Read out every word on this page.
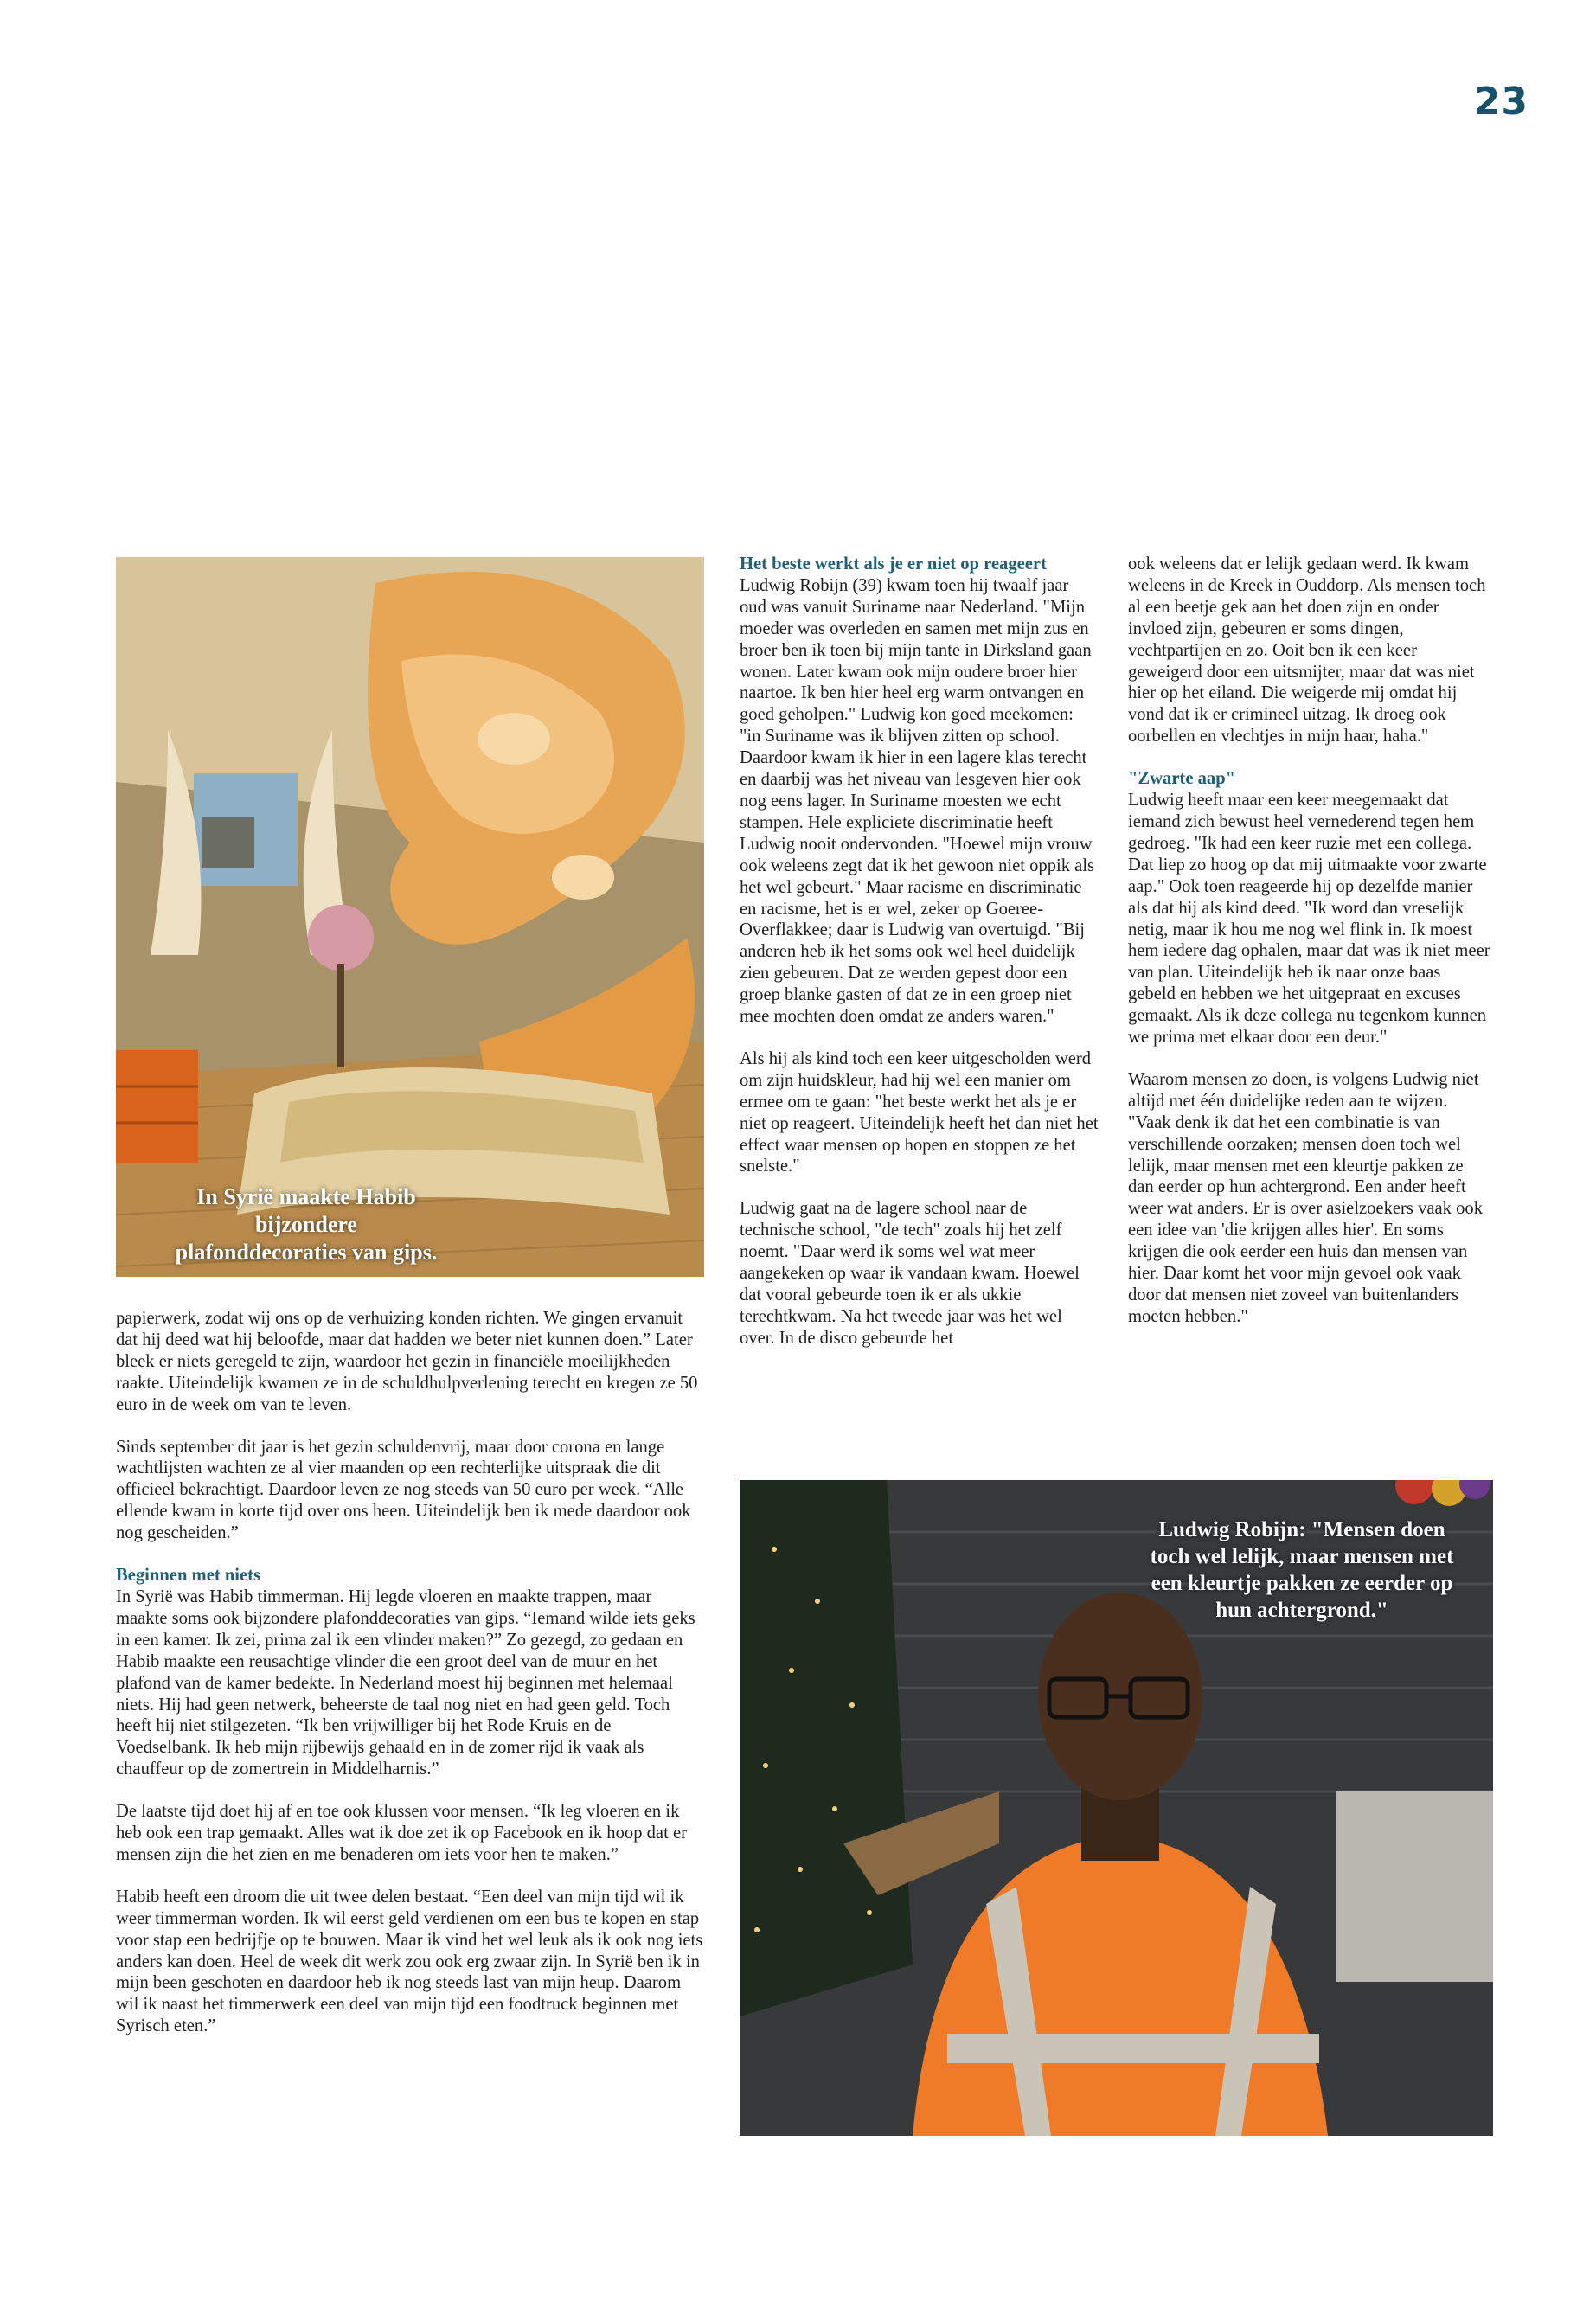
23
In Syrië maakte Habib bijzondere plafonddecoraties van gips.

papierwerk, zodat wij ons op de verhuizing konden richten. We gingen ervanuit dat hij deed wat hij beloofde, maar dat hadden we beter niet kunnen doen.” Later bleek er niets geregeld te zijn, waardoor het gezin in financiële moeilijkheden raakte. Uiteindelijk kwamen ze in de schuldhulpverlening terecht en kregen ze 50 euro in de week om van te leven.

Sinds september dit jaar is het gezin schuldenvrij, maar door corona en lange wachtlijsten wachten ze al vier maanden op een rechterlijke uitspraak die dit officieel bekrachtigt. Daardoor leven ze nog steeds van 50 euro per week. “Alle ellende kwam in korte tijd over ons heen. Uiteindelijk ben ik mede daardoor ook nog gescheiden.”

Beginnen met niets

In Syrië was Habib timmerman. Hij legde vloeren en maakte trappen, maar maakte soms ook bijzondere plafonddecoraties van gips. “Iemand wilde iets geks in een kamer. Ik zei, prima zal ik een vlinder maken?” Zo gezegd, zo gedaan en Habib maakte een reusachtige vlinder die een groot deel van de muur en het plafond van de kamer bedekte. In Nederland moest hij beginnen met helemaal niets. Hij had geen netwerk, beheerste de taal nog niet en had geen geld. Toch heeft hij niet stilgezeten. “Ik ben vrijwilliger bij het Rode Kruis en de Voedselbank. Ik heb mijn rijbewijs gehaald en in de zomer rijd ik vaak als chauffeur op de zomertrein in Middelharnis.”

De laatste tijd doet hij af en toe ook klussen voor mensen. “Ik leg vloeren en ik heb ook een trap gemaakt. Alles wat ik doe zet ik op Facebook en ik hoop dat er mensen zijn die het zien en me benaderen om iets voor hen te maken.”

Habib heeft een droom die uit twee delen bestaat. “Een deel van mijn tijd wil ik weer timmerman worden. Ik wil eerst geld verdienen om een bus te kopen en stap voor stap een bedrijfje op te bouwen. Maar ik vind het wel leuk als ik ook nog iets anders kan doen. Heel de week dit werk zou ook erg zwaar zijn. In Syrië ben ik in mijn been geschoten en daardoor heb ik nog steeds last van mijn heup. Daarom wil ik naast het timmerwerk een deel van mijn tijd een foodtruck beginnen met Syrisch eten.”

Het beste werkt als je er niet op reageert

Ludwig Robijn (39) kwam toen hij twaalf jaar oud was vanuit Suriname naar Nederland. "Mijn moeder was overleden en samen met mijn zus en broer ben ik toen bij mijn tante in Dirksland gaan wonen. Later kwam ook mijn oudere broer hier naartoe. Ik ben hier heel erg warm ontvangen en goed geholpen." Ludwig kon goed meekomen: "in Suriname was ik blijven zitten op school. Daardoor kwam ik hier in een lagere klas terecht en daarbij was het niveau van lesgeven hier ook nog eens lager. In Suriname moesten we echt stampen. Hele expliciete discriminatie heeft Ludwig nooit ondervonden. "Hoewel mijn vrouw ook weleens zegt dat ik het gewoon niet oppik als het wel gebeurt." Maar racisme en discriminatie en racisme, het is er wel, zeker op Goeree-Overflakkee; daar is Ludwig van overtuigd. "Bij anderen heb ik het soms ook wel heel duidelijk zien gebeuren. Dat ze werden gepest door een groep blanke gasten of dat ze in een groep niet mee mochten doen omdat ze anders waren."

Als hij als kind toch een keer uitgescholden werd om zijn huidskleur, had hij wel een manier om ermee om te gaan: "het beste werkt het als je er niet op reageert. Uiteindelijk heeft het dan niet het effect waar mensen op hopen en stoppen ze het snelste."

Ludwig gaat na de lagere school naar de technische school, "de tech" zoals hij het zelf noemt. "Daar werd ik soms wel wat meer aangekeken op waar ik vandaan kwam. Hoewel dat vooral gebeurde toen ik er als ukkie terechtkwam. Na het tweede jaar was het wel over. In de disco gebeurde het

ook weleens dat er lelijk gedaan werd. Ik kwam weleens in de Kreek in Ouddorp. Als mensen toch al een beetje gek aan het doen zijn en onder invloed zijn, gebeuren er soms dingen, vechtpartijen en zo. Ooit ben ik een keer geweigerd door een uitsmijter, maar dat was niet hier op het eiland. Die weigerde mij omdat hij vond dat ik er crimineel uitzag. Ik droeg ook oorbellen en vlechtjes in mijn haar, haha."

"Zwarte aap"

Ludwig heeft maar een keer meegemaakt dat iemand zich bewust heel vernederend tegen hem gedroeg. "Ik had een keer ruzie met een collega. Dat liep zo hoog op dat mij uitmaakte voor zwarte aap." Ook toen reageerde hij op dezelfde manier als dat hij als kind deed. "Ik word dan vreselijk netig, maar ik hou me nog wel flink in. Ik moest hem iedere dag ophalen, maar dat was ik niet meer van plan. Uiteindelijk heb ik naar onze baas gebeld en hebben we het uitgepraat en excuses gemaakt. Als ik deze collega nu tegenkom kunnen we prima met elkaar door een deur."

Waarom mensen zo doen, is volgens Ludwig niet altijd met één duidelijke reden aan te wijzen. "Vaak denk ik dat het een combinatie is van verschillende oorzaken; mensen doen toch wel lelijk, maar mensen met een kleurtje pakken ze dan eerder op hun achtergrond. Een ander heeft weer wat anders. Er is over asielzoekers vaak ook een idee van 'die krijgen alles hier'. En soms krijgen die ook eerder een huis dan mensen van hier. Daar komt het voor mijn gevoel ook vaak door dat mensen niet zoveel van buitenlanders moeten hebben."

Ludwig Robijn: "Mensen doen toch wel lelijk, maar mensen met een kleurtje pakken ze eerder op hun achtergrond."
